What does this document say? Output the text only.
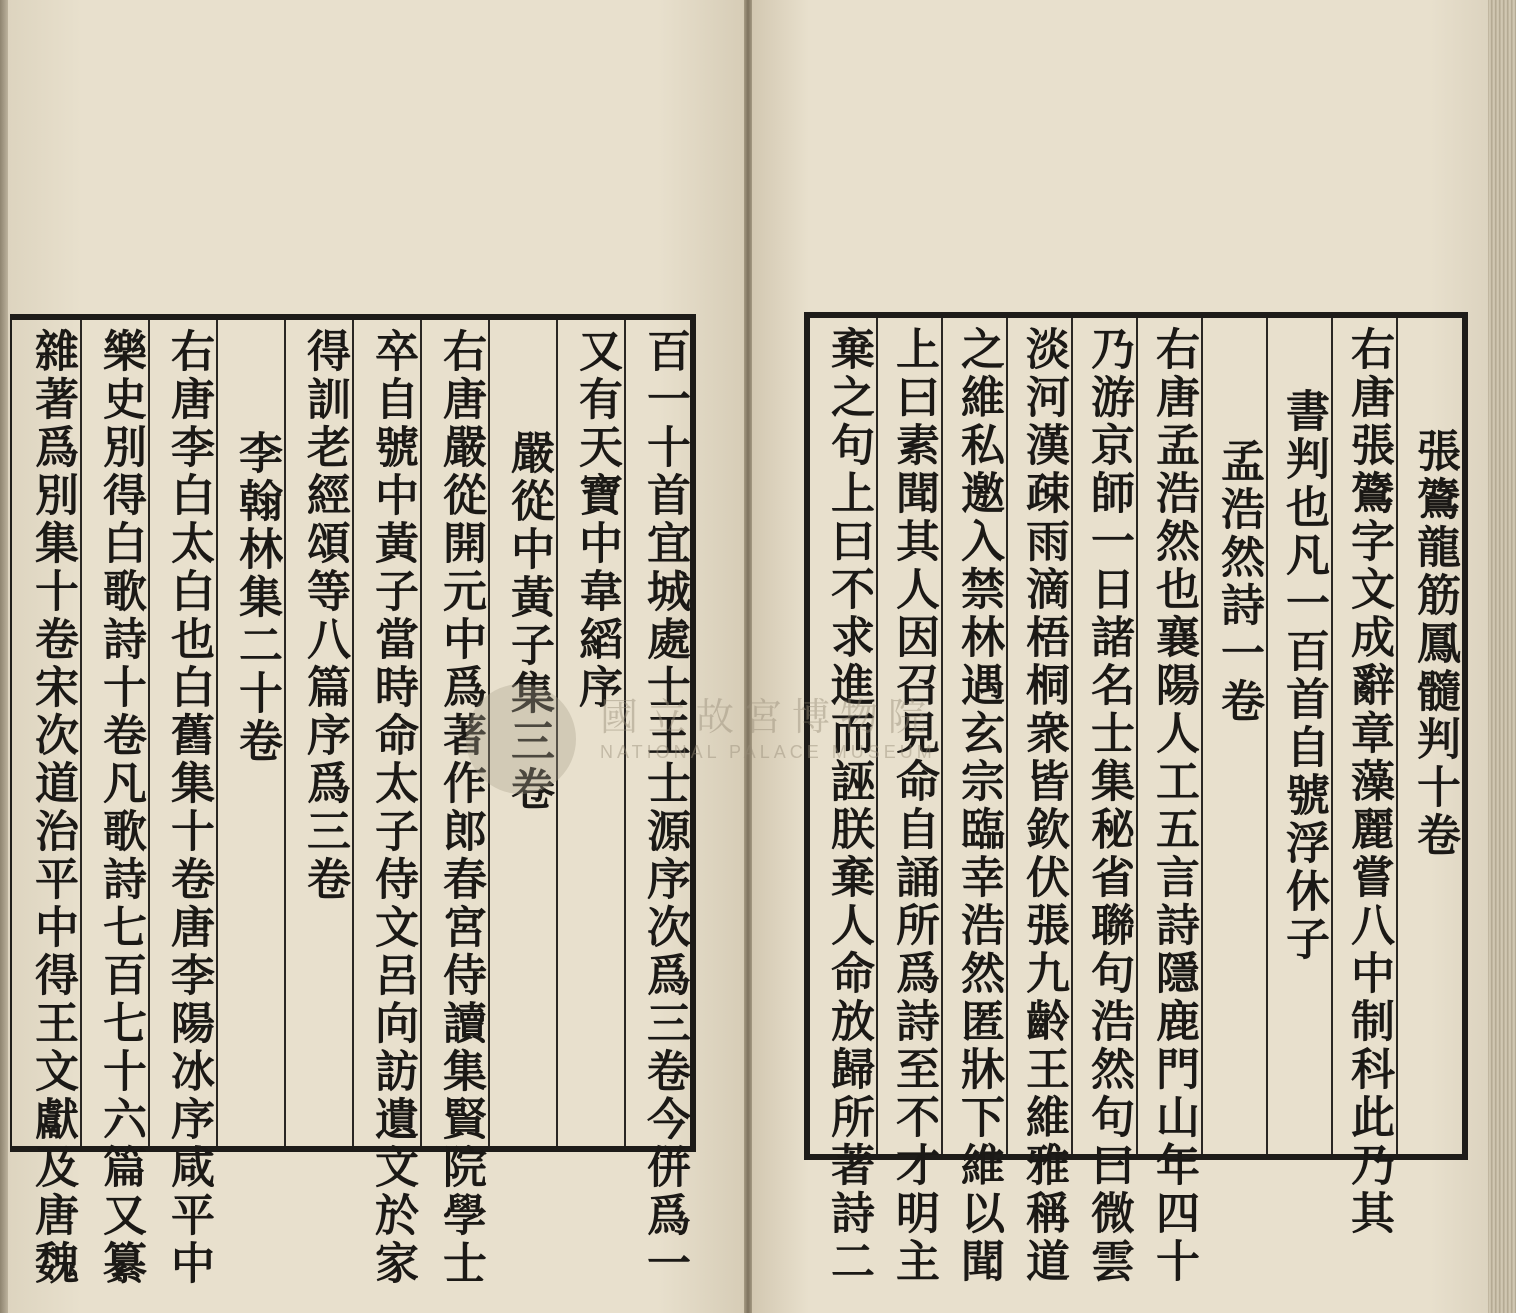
百一十首宜城處士王士源序次爲三卷今併爲一
又有天寶中韋縚序
嚴從中黃子集三卷
右唐嚴從開元中爲著作郎春宮侍讀集賢院學士
卒自號中黃子當時命太子侍文呂向訪遺文於家
得訓老經頌等八篇序爲三卷
李翰林集二十卷
右唐李白太白也白舊集十卷唐李陽冰序咸平中
樂史別得白歌詩十卷凡歌詩七百七十六篇又纂
雜著爲別集十卷宋次道治平中得王文獻及唐魏	張鷟龍筋鳳髓判十卷
右唐張鷟字文成辭章藻麗嘗八中制科此乃其
書判也凡一百首自號浮休子
孟浩然詩一卷
右唐孟浩然也襄陽人工五言詩隱鹿門山年四十
乃游京師一日諸名士集秘省聯句浩然句曰微雲
淡河漢疎雨滴梧桐衆皆欽伏張九齡王維雅稱道
之維私邀入禁林遇玄宗臨幸浩然匿牀下維以聞
上曰素聞其人因召見命自誦所爲詩至不才明主
棄之句上曰不求進而誣朕棄人命放歸所著詩二
國立故宮博物院
NATIONAL PALACE MUSEUM
